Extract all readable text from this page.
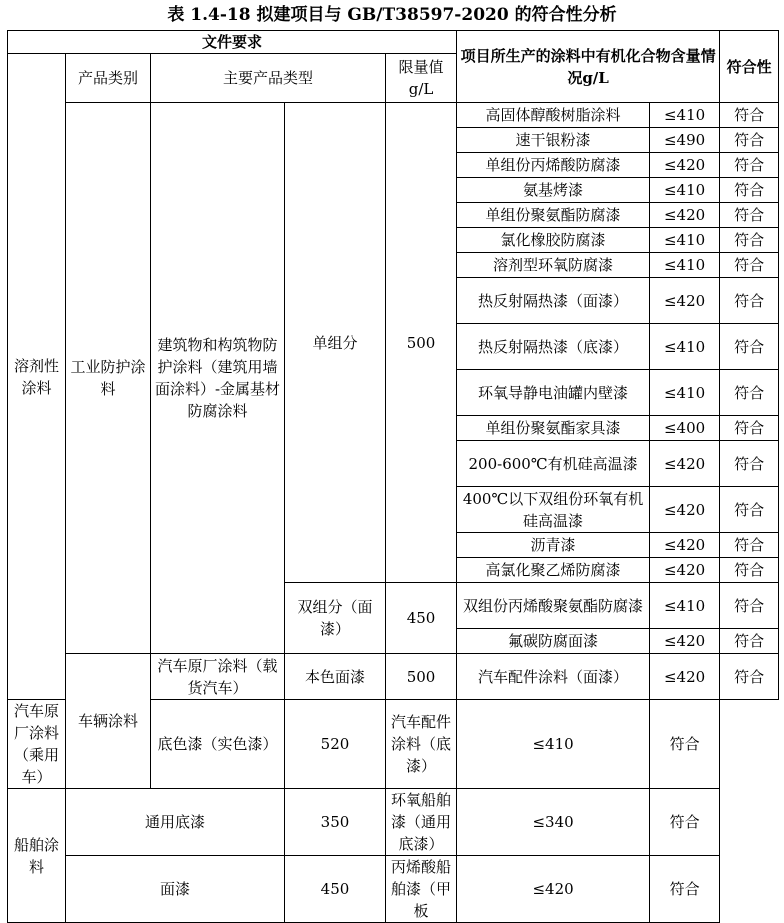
表 1.4-18 拟建项目与 GB/T38597-2020 的符合性分析
文件要求					项目所生产的涂料中有机化合物含量情况g/L		符合性
溶剂性涂料	产品类别	主要产品类型		限量值g/L			

	工业防护涂料	建筑物和构筑物防护涂料（建筑用墙面涂料）-金属基材防腐涂料	单组分	500	高固体醇酸树脂涂料	≤410	符合
					速干银粉漆	≤490	符合
					单组份丙烯酸防腐漆	≤420	符合
					氨基烤漆	≤410	符合
					单组份聚氨酯防腐漆	≤420	符合
					氯化橡胶防腐漆	≤410	符合
					溶剂型环氧防腐漆	≤410	符合
					热反射隔热漆（面漆）	≤420	符合
					热反射隔热漆（底漆）	≤410	符合
					环氧导静电油罐内壁漆	≤410	符合
					单组份聚氨酯家具漆	≤400	符合
					200-600℃有机硅高温漆	≤420	符合
					400℃以下双组份环氧有机硅高温漆	≤420	符合
					沥青漆	≤420	符合
					高氯化聚乙烯防腐漆	≤420	符合
			双组分（面漆）	450	双组份丙烯酸聚氨酯防腐漆	≤410	符合
					氟碳防腐面漆	≤420	符合
	车辆涂料	汽车原厂涂料（载货汽车）	本色面漆	500	汽车配件涂料（面漆）	≤420	符合
汽车原厂涂料（乘用车）		底色漆（实色漆）	520	汽车配件涂料（底漆）	≤410	符合	
船舶涂料	通用底漆		350	环氧船舶漆（通用底漆）	≤340	符合	
	面漆		450	丙烯酸船舶漆（甲板	≤420	符合	
